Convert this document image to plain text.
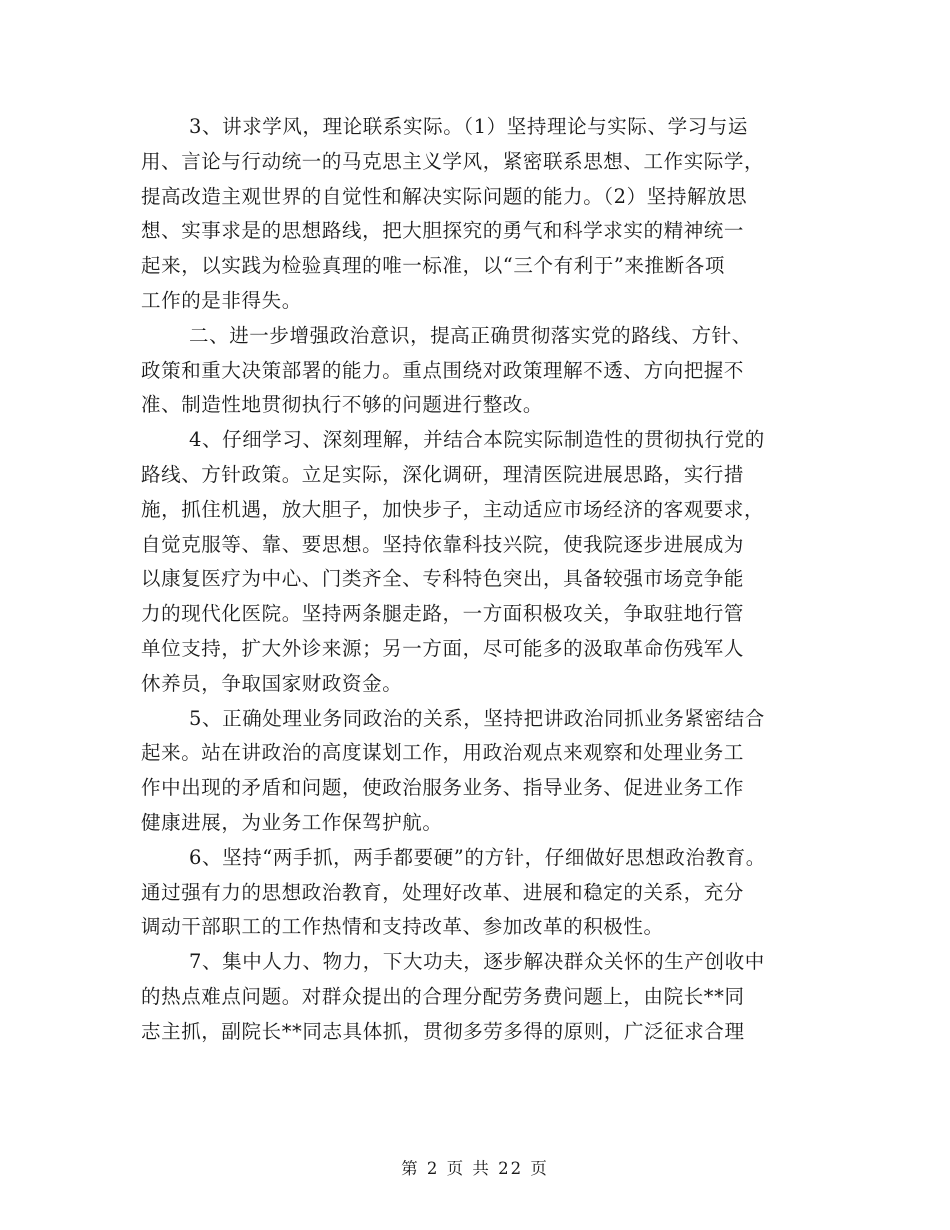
3、讲求学风，理论联系实际。（1）坚持理论与实际、学习与运
用、言论与行动统一的马克思主义学风，紧密联系思想、工作实际学，
提高改造主观世界的自觉性和解决实际问题的能力。（2）坚持解放思
想、实事求是的思想路线，把大胆探究的勇气和科学求实的精神统一
起来，以实践为检验真理的唯一标准，以“三个有利于”来推断各项
工作的是非得失。
二、进一步增强政治意识，提高正确贯彻落实党的路线、方针、
政策和重大决策部署的能力。重点围绕对政策理解不透、方向把握不
准、制造性地贯彻执行不够的问题进行整改。
4、仔细学习、深刻理解，并结合本院实际制造性的贯彻执行党的
路线、方针政策。立足实际，深化调研，理清医院进展思路，实行措
施，抓住机遇，放大胆子，加快步子，主动适应市场经济的客观要求，
自觉克服等、靠、要思想。坚持依靠科技兴院，使我院逐步进展成为
以康复医疗为中心、门类齐全、专科特色突出，具备较强市场竞争能
力的现代化医院。坚持两条腿走路，一方面积极攻关，争取驻地行管
单位支持，扩大外诊来源；另一方面，尽可能多的汲取革命伤残军人
休养员，争取国家财政资金。
5、正确处理业务同政治的关系，坚持把讲政治同抓业务紧密结合
起来。站在讲政治的高度谋划工作，用政治观点来观察和处理业务工
作中出现的矛盾和问题，使政治服务业务、指导业务、促进业务工作
健康进展，为业务工作保驾护航。
6、坚持“两手抓，两手都要硬”的方针，仔细做好思想政治教育。
通过强有力的思想政治教育，处理好改革、进展和稳定的关系，充分
调动干部职工的工作热情和支持改革、参加改革的积极性。
7、集中人力、物力，下大功夫，逐步解决群众关怀的生产创收中
的热点难点问题。对群众提出的合理分配劳务费问题上，由院长**同
志主抓，副院长**同志具体抓，贯彻多劳多得的原则，广泛征求合理
第 2 页 共 22 页
